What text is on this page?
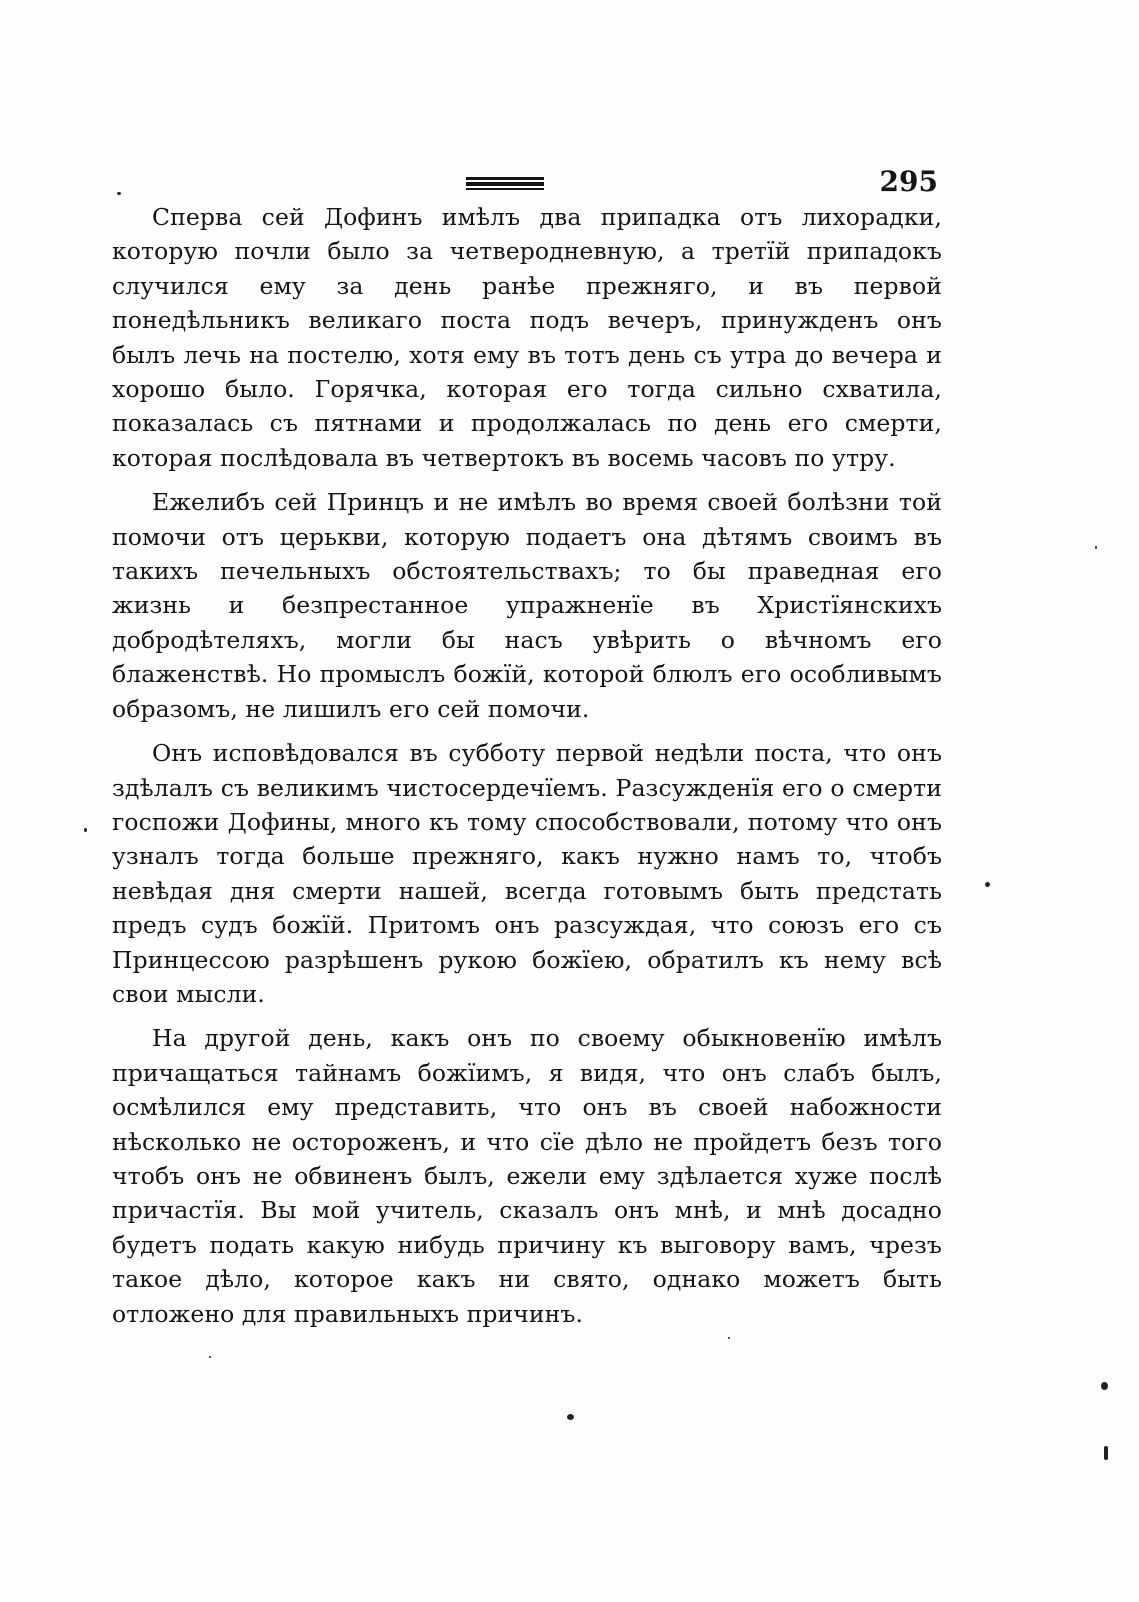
295

Сперва сей Дофинъ имѣлъ два припадка отъ лихорадки, которую почли было за четверодневную, а третїй припадокъ случился ему за день ранѣе прежняго, и въ первой понедѣльникъ великаго поста подъ вечеръ, принужденъ онъ былъ лечь на постелю, хотя ему въ тотъ день съ утра до вечера и хорошо было. Горячка, которая его тогда сильно схватила, показалась съ пятнами и продолжалась по день его смерти, которая послѣдовала въ четвертокъ въ восемь часовъ по утру.

Ежелибъ сей Принцъ и не имѣлъ во время своей болѣзни той помочи отъ церькви, которую подаетъ она дѣтямъ своимъ въ такихъ печельныхъ обстоятельствахъ; то бы праведная его жизнь и безпрестанное упражненїе въ Христїянскихъ добродѣтеляхъ, могли бы насъ увѣрить о вѣчномъ его блаженствѣ. Но промыслъ божїй, которой блюлъ его особливымъ образомъ, не лишилъ его сей помочи.

Онъ исповѣдовался въ субботу первой недѣли поста, что онъ здѣлалъ съ великимъ чистосердечїемъ. Разсужденїя его о смерти госпожи Дофины, много къ тому способствовали, потому что онъ узналъ тогда больше прежняго, какъ нужно намъ то, чтобъ невѣдая дня смерти нашей, всегда готовымъ быть предстать предъ судъ божїй. Притомъ онъ разсуждая, что союзъ его съ Принцессою разрѣшенъ рукою божїею, обратилъ къ нему всѣ свои мысли.

На другой день, какъ онъ по своему обыкновенїю имѣлъ причащаться тайнамъ божїимъ, я видя, что онъ слабъ былъ, осмѣлился ему представить, что онъ въ своей набожности нѣсколько не остороженъ, и что сїе дѣло не пройдетъ безъ того чтобъ онъ не обвиненъ былъ, ежели ему здѣлается хуже послѣ причастїя. Вы мой учитель, сказалъ онъ мнѣ, и мнѣ досадно будетъ подать какую нибудь причину къ выговору вамъ, чрезъ такое дѣло, которое какъ ни свято, однако можетъ быть отложено для правильныхъ причинъ.
